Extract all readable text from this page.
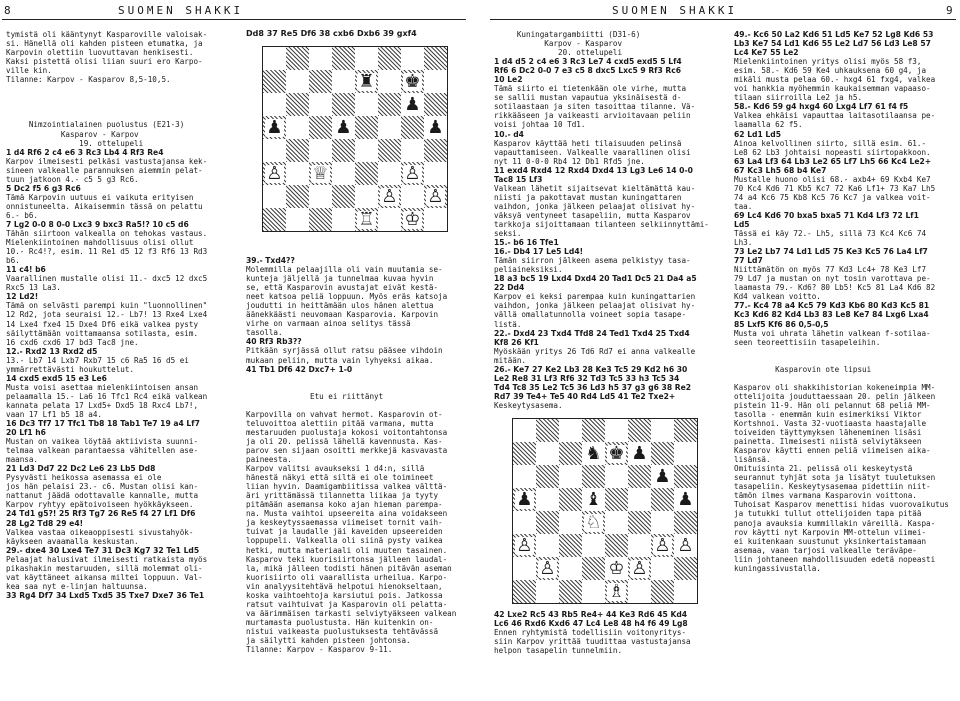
8	SUOMEN SHAKKI	SUOMEN SHAKKI	9
tymistä oli kääntynyt Kasparoville valoisak-
si. Hänellä oli kahden pisteen etumatka, ja
Karpovin olettiin luovuttavan henkisesti.
Kaksi pistettä olisi liian suuri ero Karpo-
ville kin.
Tilanne: Karpov - Kasparov 8,5-10,5.

Nimzointialainen puolustus (E21-3)
Kasparov - Karpov
19. ottelupeli
1 d4 Rf6 2 c4 e6 3 Rc3 Lb4 4 Rf3 Re4
Karpov ilmeisesti pelkäsi vastustajansa kek-
sineen valkealle parannuksen aiemmin pelat-
tuun jatkoon 4.- c5 5 g3 Rc6.
5 Dc2 f5 6 g3 Rc6
Tämä Karpovin uutuus ei vaikuta erityisen
onnistuneelta. Aikaisemmin tässä on pelattu
6.- b6.
7 Lg2 0-0 8 0-0 Lxc3 9 bxc3 Ra5!? 10 c5 d6
Tähän siirtoon valkealla on tehokas vastaus.
Mielenkiintoinen mahdollisuus olisi ollut
10.- Rc4!?, esim. 11 Re1 d5 12 f3 Rf6 13 Rd3
b6.
11 c4! b6
Vaarallinen mustalle olisi 11.- dxc5 12 dxc5
Rxc5 13 La3.
12 Ld2!
Tämä on selvästi parempi kuin "luonnollinen"
12 Rd2, jota seuraisi 12.- Lb7! 13 Rxe4 Lxe4
14 Lxe4 fxe4 15 Dxe4 Df6 eikä valkea pysty
säilyttämään voittamaansa sotilasta, esim.
16 cxd6 cxd6 17 bd3 Tac8 jne.
12.- Rxd2 13 Rxd2 d5
13.- Lb7 14 Lxb7 Rxb7 15 c6 Ra5 16 d5 ei
ymmärrettävästi houkuttelut.
14 cxd5 exd5 15 e3 Le6
Musta voisi asettaa mielenkiintoisen ansan
pelaamalla 15.- La6 16 Tfc1 Rc4 eikä valkean
kannata pelata 17 Lxd5+ Dxd5 18 Rxc4 Lb7!,
vaan 17 Lf1 b5 18 a4.
16 Dc3 Tf7 17 Tfc1 Tb8 18 Tab1 Te7 19 a4 Lf7
20 Lf1 h6
Mustan on vaikea löytää aktiivista suunni-
telmaa valkean parantaessa vähitellen ase-
maansa.
21 Ld3 Dd7 22 Dc2 Le6 23 Lb5 Dd8
Pysyvästi heikossa asemassa ei ole
jos hän pelaisi 23.- c6. Mustan olisi kan-
nattanut jäädä odottavalle kannalle, mutta
Karpov ryhtyy epätoivoiseen hyökkäykseen.
24 Td1 g5?! 25 Rf3 Tg7 26 Re5 f4 27 Lf1 Df6
28 Lg2 Td8 29 e4!
Valkea vastaa oikeaoppisesti sivustahyök-
käykseen avaamalla keskustan.
29.- dxe4 30 Lxe4 Te7 31 Dc3 Kg7 32 Te1 Ld5
Pelaajat halusivat ilmeisesti ratkaista myös
pikashakin mestaruuden, sillä molemmat oli-
vat käyttäneet aikansa miltei loppuun. Val-
kea saa nyt e-linjan haltuunsa.
33 Rg4 Df7 34 Lxd5 Txd5 35 Txe7 Dxe7 36 Te1
Dd8 37 Re5 Df6 38 cxb6 Dxb6 39 gxf4
♜ ♚
♟
♟	♟	♟
♙ ♕	♙
♙ ♙
♖ ♔
39.- Txd4??
Molemmilla pelaajilla oli vain muutamia se-
kunteja jäljellä ja tunnelmaa kuvaa hyvin
se, että Kasparovin avustajat eivät kestä-
neet katsoa peliä loppuun. Myös eräs katsoja
joudutti in heittämään ulos hänen alettua
äänekkäästi neuvomaan Kasparovia. Karpovin
virhe on varmaan ainoa selitys tässä
tasolla.
40 Rf3 Rb3??
Pitkään syrjässä ollut ratsu pääsee vihdoin
mukaan peliin, mutta vain lyhyeksi aikaa.
41 Tb1 Df6 42 Dxc7+ 1-0

Etu ei riittänyt

Karpovilla on vahvat hermot. Kasparovin ot-
teluvoittoa alettiin pitää varmana, mutta
mestaruuden puolustaja kokosi voitontahtonsa
ja oli 20. pelissä lähellä kavennusta. Kas-
parov sen sijaan osoitti merkkejä kasvavasta
paineesta.
Karpov valitsi avaukseksi 1 d4:n, sillä
hänestä näkyi että siltä ei ole toimineet
liian hyvin. Daamigambiitissa valkea välttä-
äri yrittämässä tilannetta liikaa ja tyyty
pitämään asemansa koko ajan hieman parempa-
na. Musta vaihtoi upseereita aina voidakseen
ja keskeytyssaemassa viimeiset tornit vaih-
tuivat ja laudalle jäi kaveiden upseereiden
loppupeli. Valkealla oli siinä pysty vaikea
hetki, mutta materiaali oli muuten tasainen.
Kasparov teki kuorisiirtonsa jälleen laudal-
la, mikä jälleen todisti hänen pitävän aseman
kuorisiirto oli vaarallista urheilua. Karpo-
vin analyysitehtävä helpotui hienokseltaan,
koska vaihtoehtoja karsiutui pois. Jatkossa
ratsut vaihtuivat ja Kasparovin oli pelatta-
va äärimmäisen tarkasti selviytyäkseen valkean
murtamasta puolustusta. Hän kuitenkin on-
nistui vaikeasta puolustuksesta tehtävässä
ja säilytti kahden pisteen johtonsa.
Tilanne: Karpov - Kasparov 9-11.
Kuningatargambiitti (D31-6)
Karpov - Kasparov
20. ottelupeli
1 d4 d5 2 c4 e6 3 Rc3 Le7 4 cxd5 exd5 5 Lf4
Rf6 6 Dc2 0-0 7 e3 c5 8 dxc5 Lxc5 9 Rf3 Rc6
10 Le2
Tämä siirto ei tietenkään ole virhe, mutta
se sallii mustan vapautua yksinäisestä d-
sotilaastaan ja siten tasoittaa tilanne. Vä-
rikkääseen ja vaikeasti arvioitavaan peliin
voisi johtaa 10 Td1.
10.- d4
Kasparov käyttää heti tilaisuuden pelinsä
vapauttamiseen. Valkealle vaarallinen olisi
nyt 11 0-0-0 Rb4 12 Db1 Rfd5 jne.
11 exd4 Rxd4 12 Rxd4 Dxd4 13 Lg3 Le6 14 0-0
Tac8 15 Lf3
Valkean lähetit sijaitsevat kieltämättä kau-
niisti ja pakottavat mustan kuningattaren
vaihdon, jonka jälkeen pelaajat olisivat hy-
väksyä ventyneet tasapeliin, mutta Kasparov
tarkkoja sijoittamaan tilanteen selkiinnyttämi-
seksi.
15.- b6 16 Tfe1
16.- Db4 17 Le5 Ld4!
Tämän siirron jälkeen asema pelkistyy tasa-
peliaineksiksi.
18 a3 bc5 19 Lxd4 Dxd4 20 Tad1 Dc5 21 Da4 a5
22 Dd4
Karpov ei keksi parempaa kuin kuningattarien
vaihdon, jonka jälkeen pelaajat olisivat hy-
vällä omallatunnolla voineet sopia tasape-
listä.
22.- Dxd4 23 Txd4 Tfd8 24 Ted1 Txd4 25 Txd4
Kf8 26 Kf1
Myöskään yritys 26 Td6 Rd7 ei anna valkealle
mitään.
26.- Ke7 27 Ke2 Lb3 28 Ke3 Tc5 29 Kd2 h6 30
Le2 Re8 31 Lf3 Rf6 32 Td3 Tc5 33 h3 Tc5 34
Td4 Tc8 35 Le2 Tc5 36 Ld3 h5 37 g3 g6 38 Re2
Rd7 39 Te4+ Te5 40 Rd4 Ld5 41 Te2 Txe2+
Keskeytysasema.
♞ ♚ ♟
♟
♟	♝	♟
♘
♙	♙ ♙
♙	♔ ♙
♗
42 Lxe2 Rc5 43 Rb5 Re4+ 44 Ke3 Rd6 45 Kd4
Lc6 46 Rxd6 Kxd6 47 Lc4 Le8 48 h4 f6 49 Lg8
Ennen ryhtymistä todellisiin voitonyritys-
siin Karpov yrittää tuudittaa vastustajansa
helpon tasapelin tunnelmiin.
49.- Kc6 50 La2 Kd6 51 Ld5 Ke7 52 Lg8 Kd6 53
Lb3 Ke7 54 Ld1 Kd6 55 Le2 Ld7 56 Ld3 Le8 57
Lc4 Ke7 55 Le2
Mielenkiintoinen yritys olisi myös 58 f3,
esim. 58.- Kd6 59 Ke4 uhkauksena 60 g4, ja
mikäli musta pelaa 60.- hxg4 61 fxg4, valkea
voi hankkia myöhemmin kaukaisemman vapaaso-
tilaan siirroilla Le2 ja h5.
58.- Kd6 59 g4 hxg4 60 Lxg4 Lf7 61 f4 f5
Valkea ehkäisi vapauttaa laitasotilaansa pe-
laamalla 62 f5.
62 Ld1 Ld5
Ainoa kelvollinen siirto, sillä esim. 61.-
Le8 62 Lb3 johtaisi nopeasti siirtopakkoon.
63 La4 Lf3 64 Lb3 Le2 65 Lf7 Lh5 66 Kc4 Le2+
67 Kc3 Lh5 68 b4 Ke7
Mustalle huono olisi 68.- axb4+ 69 Kxb4 Ke7
70 Kc4 Kd6 71 Kb5 Kc7 72 Ka6 Lf1+ 73 Ka7 Lh5
74 a4 Kc6 75 Kb8 Kc5 76 Kc7 ja valkea voit-
taa.
69 Lc4 Kd6 70 bxa5 bxa5 71 Kd4 Lf3 72 Lf1
Ld5
Tässä ei käy 72.- Lh5, sillä 73 Kc4 Kc6 74
Lh3.
73 Le2 Lb7 74 Ld1 Ld5 75 Ke3 Kc5 76 La4 Lf7
77 Ld7
Niittämätön on myös 77 Kd3 Lc4+ 78 Ke3 Lf7
79 Ld7 ja mustan on nyt tosin varottava pe-
laamasta 79.- Kd6? 80 Lb5! Kc5 81 La4 Kd6 82
Kd4 valkean voitto.
77.- Kc4 78 a4 Kc5 79 Kd3 Kb6 80 Kd3 Kc5 81
Kc3 Kd6 82 Kd4 Lb3 83 Le8 Ke7 84 Lxg6 Lxa4
85 Lxf5 Kf6 86 0,5-0,5
Musta voi uhrata lähetin valkean f-sotilaa-
seen teoreettisiin tasapeleihin.

Kasparovin ote lipsui

Kasparov oli shakkihistorian kokeneimpia MM-
ottelijoita jouduttaessaan 20. pelin jälkeen
pistein 11-9. Hän oli pelannut 68 peliä MM-
tasolla - enemmän kuin esimerkiksi Viktor
Kortshnoi. Vasta 32-vuotiaasta haastajalle
toiveiden täyttymyksen läheneminen lisäsi
painetta. Ilmeisesti niistä selviytäkseen
Kasparov käytti ennen peliä viimeisen aika-
lisänsä.
Omituisinta 21. pelissä oli keskeytystä
seurannut tyhjät sota ja lisätyt tuuletuksen
tasapeliin. Keskeytysasemaa pidettiin niit-
tämön ilmes varmana Kasparovin voittona.
Tuhoisat Kasparov menettisi hidas vuorovaikutus
ja tutukki tullut ottelijoiden tapa pitää
panoja avauksia kummillakin väreillä. Kaspa-
rov käytti nyt Karpovin MM-ottelun viimei-
ei kuitenkaan suustunut yksinkertaistamaan
asemaa, vaan tarjosi valkealle teräväpe-
liin johtaneen mahdollisuuden edetä nopeasti
kuningassivustalla.
